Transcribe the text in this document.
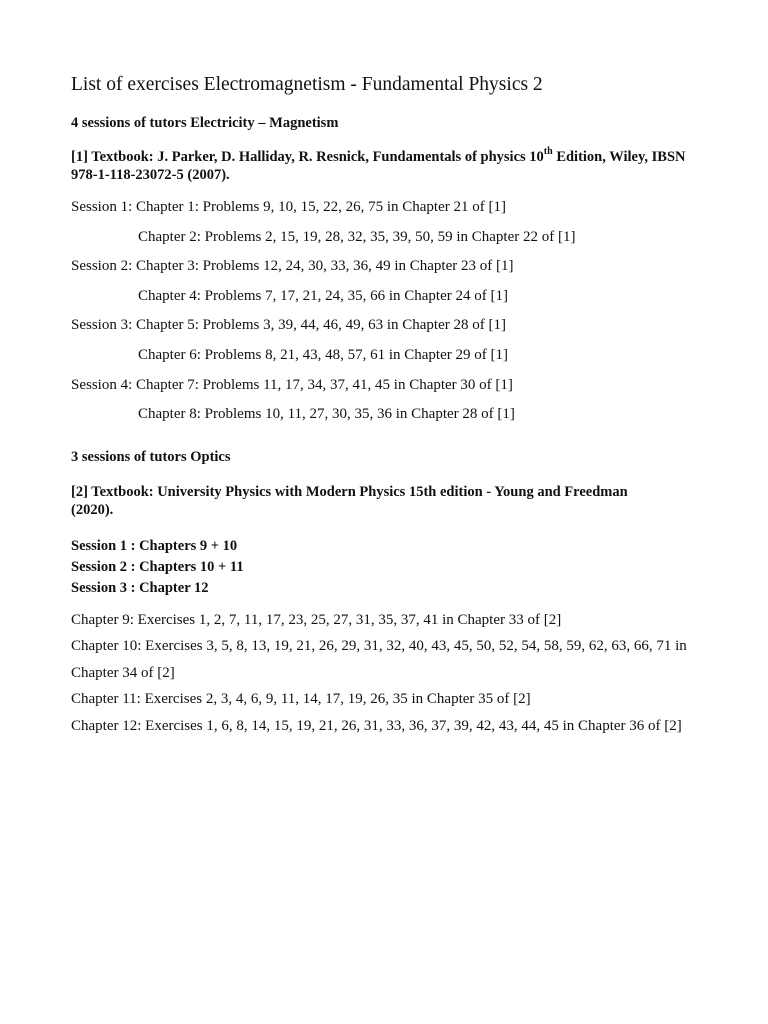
List of exercises Electromagnetism - Fundamental Physics 2
4 sessions of tutors Electricity – Magnetism
[1] Textbook: J. Parker, D. Halliday, R. Resnick, Fundamentals of physics 10th Edition, Wiley, IBSN 978-1-118-23072-5 (2007).
Session 1: Chapter 1: Problems 9, 10, 15, 22, 26, 75 in Chapter 21 of [1]
Chapter 2: Problems 2, 15, 19, 28, 32, 35, 39, 50, 59 in Chapter 22 of [1]
Session 2: Chapter 3: Problems 12, 24, 30, 33, 36, 49 in Chapter 23 of [1]
Chapter 4: Problems 7, 17, 21, 24, 35, 66 in Chapter 24 of [1]
Session 3: Chapter 5: Problems 3, 39, 44, 46, 49, 63 in Chapter 28 of [1]
Chapter 6: Problems 8, 21, 43, 48, 57, 61 in Chapter 29 of [1]
Session 4: Chapter 7: Problems 11, 17, 34, 37, 41, 45 in Chapter 30 of [1]
Chapter 8: Problems 10, 11, 27, 30, 35, 36 in Chapter 28 of [1]
3 sessions of tutors Optics
[2] Textbook: University Physics with Modern Physics 15th edition - Young and Freedman (2020).
Session 1 : Chapters 9 + 10
Session 2 : Chapters 10 + 11
Session 3 : Chapter 12
Chapter 9: Exercises 1, 2, 7, 11, 17, 23, 25, 27, 31, 35, 37, 41 in Chapter 33 of [2]
Chapter 10: Exercises 3, 5, 8, 13, 19, 21, 26, 29, 31, 32, 40, 43, 45, 50, 52, 54, 58, 59, 62, 63, 66, 71 in Chapter 34 of [2]
Chapter 11: Exercises 2, 3, 4, 6, 9, 11, 14, 17, 19, 26, 35 in Chapter 35 of [2]
Chapter 12: Exercises 1, 6, 8, 14, 15, 19, 21, 26, 31, 33, 36, 37, 39, 42, 43, 44, 45 in Chapter 36 of [2]
